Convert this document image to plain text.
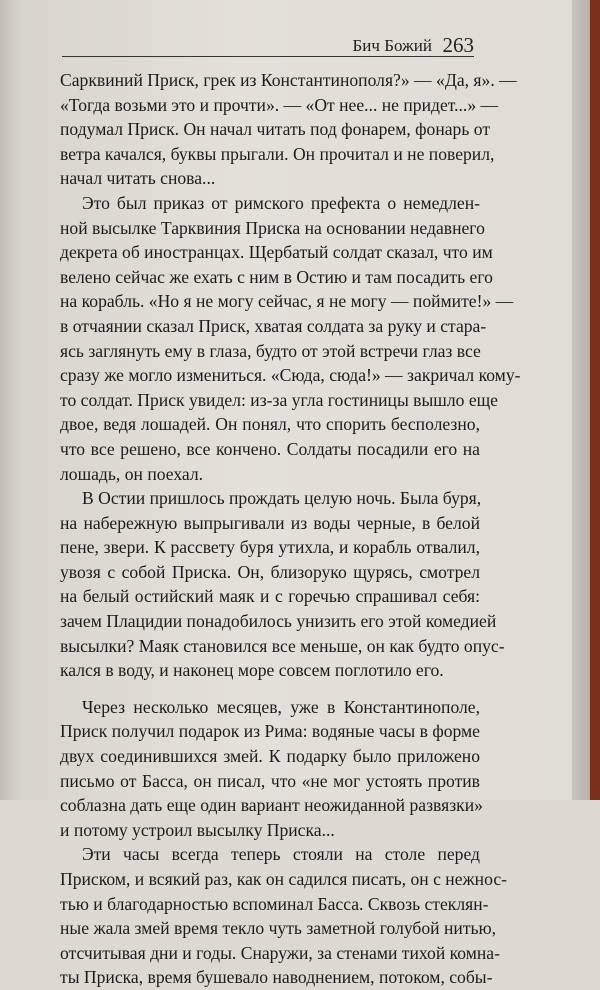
Бич Божий 263
Сарквиний Приск, грек из Константинополя?» — «Да, я». —
«Тогда возьми это и прочти». — «От нее... не придет...» —
подумал Приск. Он начал читать под фонарем, фонарь от
ветра качался, буквы прыгали. Он прочитал и не поверил,
начал читать снова...
Это был приказ от римского префекта о немедлен-
ной высылке Тарквиния Приска на основании недавнего
декрета об иностранцах. Щербатый солдат сказал, что им
велено сейчас же ехать с ним в Остию и там посадить его
на корабль. «Но я не могу сейчас, я не могу — поймите!» —
в отчаянии сказал Приск, хватая солдата за руку и стара-
ясь заглянуть ему в глаза, будто от этой встречи глаз все
сразу же могло измениться. «Сюда, сюда!» — закричал кому-
то солдат. Приск увидел: из-за угла гостиницы вышло еще
двое, ведя лошадей. Он понял, что спорить бесполезно,
что все решено, все кончено. Солдаты посадили его на
лошадь, он поехал.
В Остии пришлось прождать целую ночь. Была буря,
на набережную выпрыгивали из воды черные, в белой
пене, звери. К рассвету буря утихла, и корабль отвалил,
увозя с собой Приска. Он, близоруко щурясь, смотрел
на белый остийский маяк и с горечью спрашивал себя:
зачем Плацидии понадобилось унизить его этой комедией
высылки? Маяк становился все меньше, он как будто опус-
кался в воду, и наконец море совсем поглотило его.
Через несколько месяцев, уже в Константинополе,
Приск получил подарок из Рима: водяные часы в форме
двух соединившихся змей. К подарку было приложено
письмо от Басса, он писал, что «не мог устоять против
соблазна дать еще один вариант неожиданной развязки»
и потому устроил высылку Приска...
Эти часы всегда теперь стояли на столе перед
Приском, и всякий раз, как он садился писать, он с нежнос-
тью и благодарностью вспоминал Басса. Сквозь стеклян-
ные жала змей время текло чуть заметной голубой нитью,
отсчитывая дни и годы. Снаружи, за стенами тихой комна-
ты Приска, время бушевало наводнением, потоком, собы-
